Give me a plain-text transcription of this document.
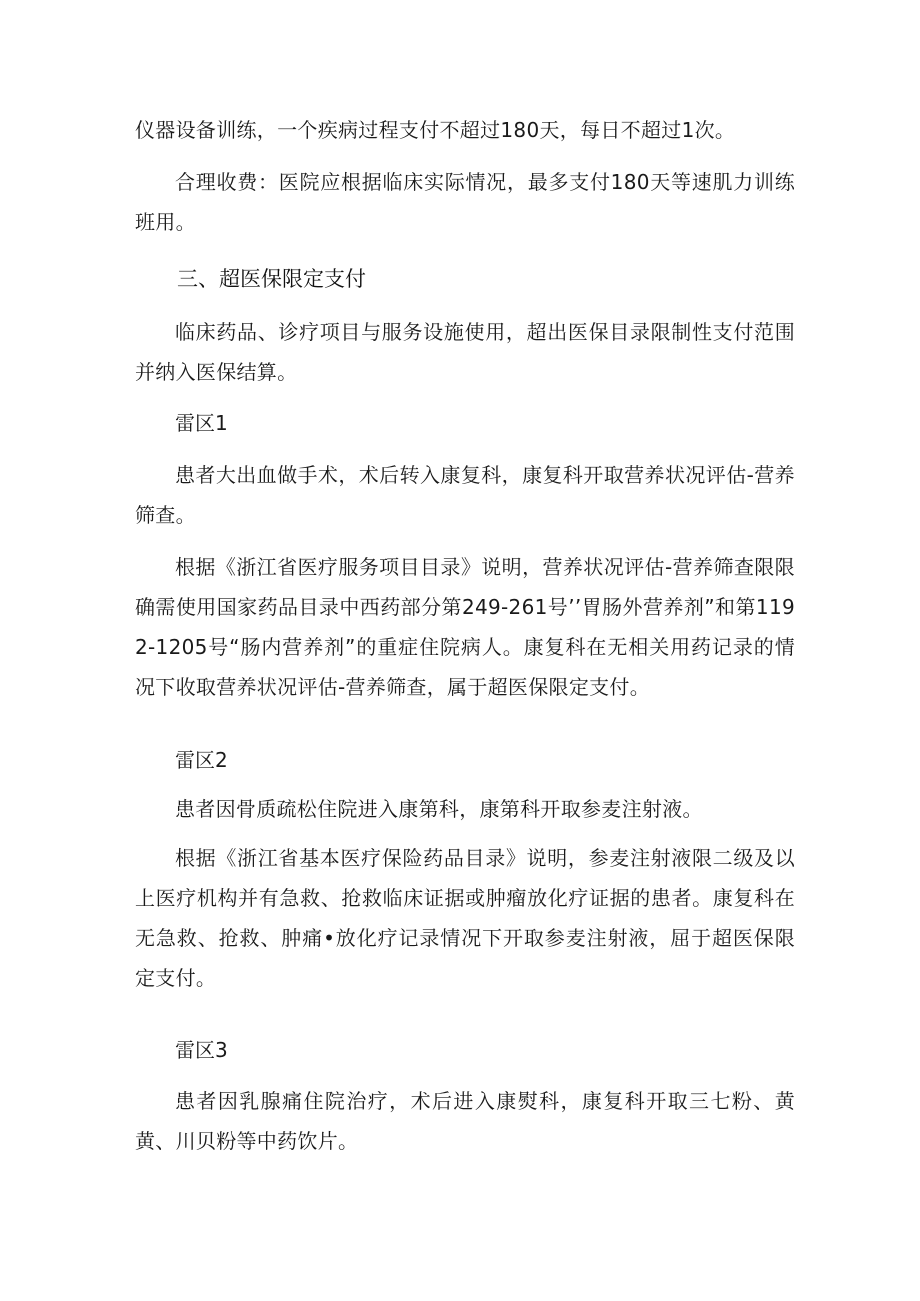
仪器设备训练，一个疾病过程支付不超过180天，每日不超过1次。

合理收费：医院应根据临床实际情况，最多支付180天等速肌力训练班用。

三、超医保限定支付

临床药品、诊疗项目与服务设施使用，超出医保目录限制性支付范围并纳入医保结算。

雷区1

患者大出血做手术，术后转入康复科，康复科开取营养状况评估-营养筛查。

根据《浙江省医疗服务项目目录》说明，营养状况评估-营养筛查限限确需使用国家药品目录中西药部分第249-261号’’胃肠外营养剂”和第1192-1205号“肠内营养剂”的重症住院病人。康复科在无相关用药记录的情况下收取营养状况评估-营养筛查，属于超医保限定支付。

雷区2

患者因骨质疏松住院进入康第科，康第科开取参麦注射液。

根据《浙江省基本医疗保险药品目录》说明，参麦注射液限二级及以上医疗机构并有急救、抢救临床证据或肿瘤放化疗证据的患者。康复科在无急救、抢救、肿痛•放化疗记录情况下开取参麦注射液，屈于超医保限定支付。

雷区3

患者因乳腺痛住院治疗，术后进入康熨科，康复科开取三七粉、黄黄、川贝粉等中药饮片。
